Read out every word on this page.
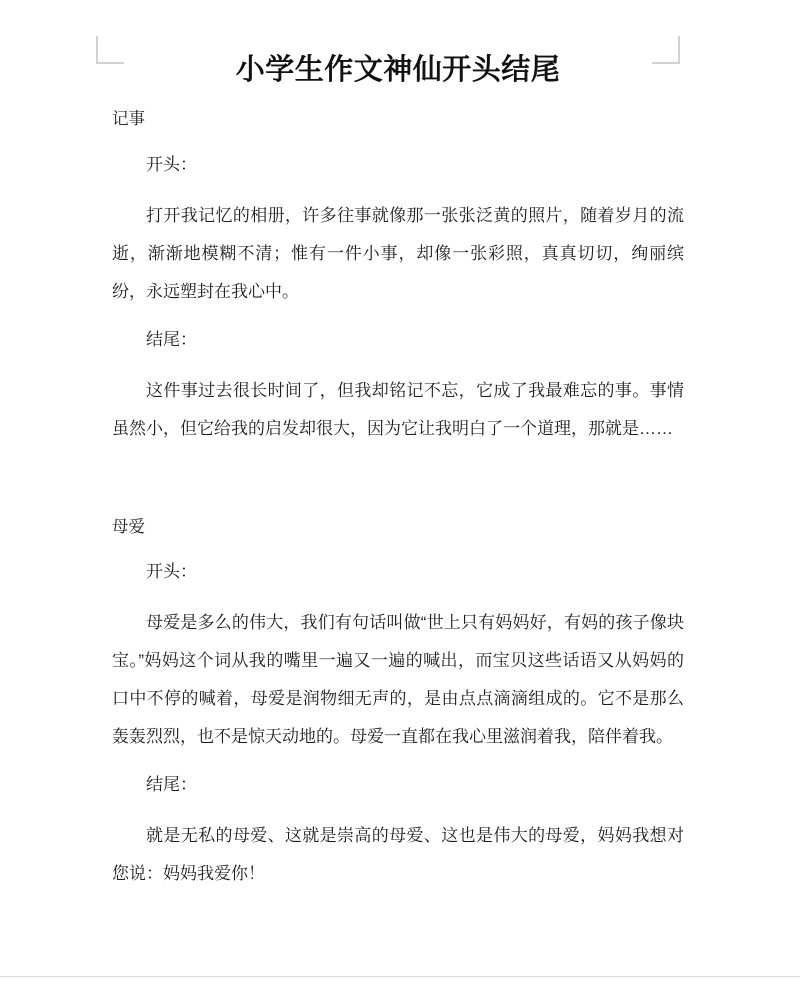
小学生作文神仙开头结尾
记事

开头：

打开我记忆的相册，许多往事就像那一张张泛黄的照片，随着岁月的流逝，渐渐地模糊不清；惟有一件小事，却像一张彩照，真真切切，绚丽缤纷，永远塑封在我心中。

结尾：

这件事过去很长时间了，但我却铭记不忘，它成了我最难忘的事。事情虽然小，但它给我的启发却很大，因为它让我明白了一个道理，那就是……

母爱

开头：

母爱是多么的伟大，我们有句话叫做“世上只有妈妈好，有妈的孩子像块宝。”妈妈这个词从我的嘴里一遍又一遍的喊出，而宝贝这些话语又从妈妈的口中不停的喊着，母爱是润物细无声的，是由点点滴滴组成的。它不是那么轰轰烈烈，也不是惊天动地的。母爱一直都在我心里滋润着我，陪伴着我。

结尾：

就是无私的母爱、这就是崇高的母爱、这也是伟大的母爱，妈妈我想对您说：妈妈我爱你！
